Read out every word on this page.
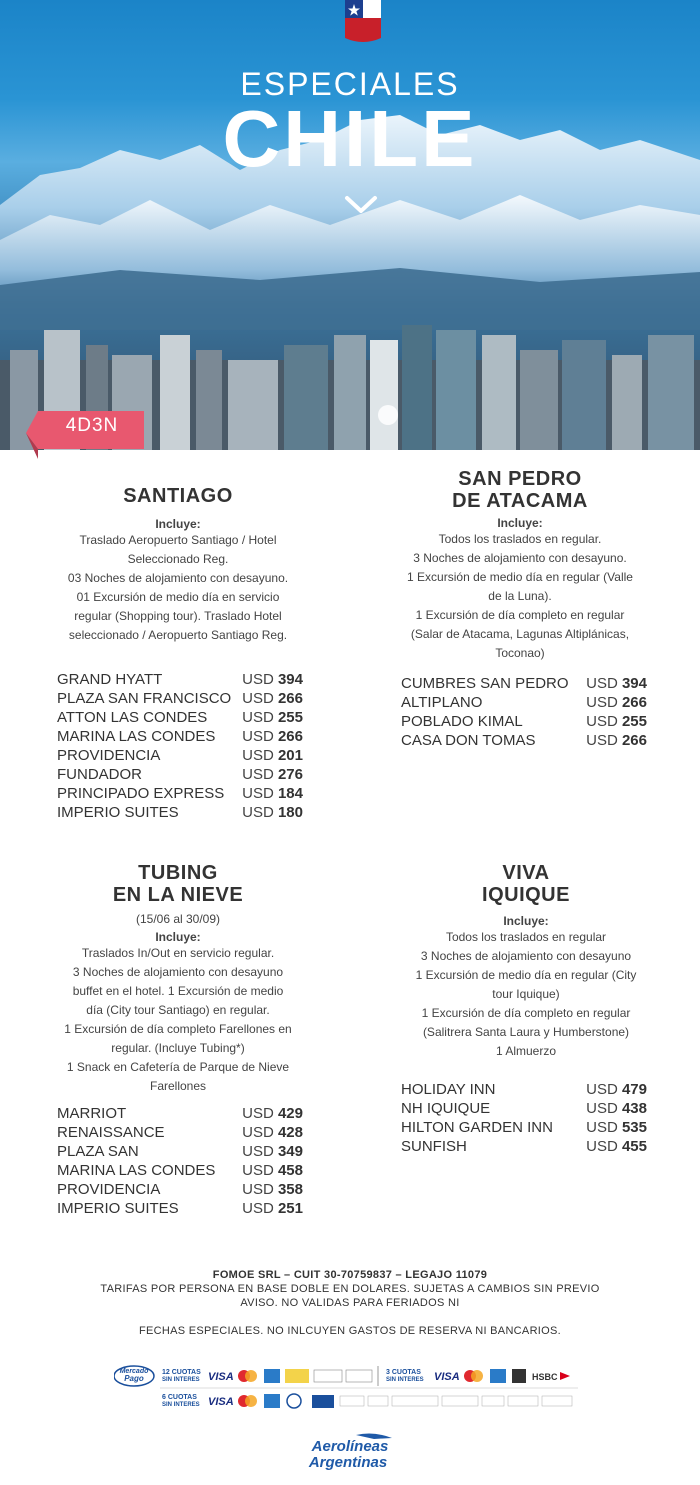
ESPECIALES
CHILE
4D3N
SANTIAGO
Incluye:
Traslado Aeropuerto Santiago / Hotel
Seleccionado Reg.
03 Noches de alojamiento con desayuno.
01 Excursión de medio día en servicio
regular (Shopping tour). Traslado Hotel
seleccionado / Aeropuerto Santiago Reg.
GRAND HYATT	USD 394
PLAZA SAN FRANCISCO USD 266
ATTON LAS CONDES USD 255
MARINA LAS CONDES USD 266
PROVIDENCIA	USD 201
FUNDADOR	USD 276
PRINCIPADO EXPRESS USD 184
IMPERIO SUITES	USD 180
SAN PEDRO
DE ATACAMA
Incluye:
Todos los traslados en regular.
3 Noches de alojamiento con desayuno.
1 Excursión de medio día en regular (Valle
de la Luna).
1 Excursión de día completo en regular
(Salar de Atacama, Lagunas Altiplánicas,
Toconao)
CUMBRES SAN PEDRO USD 394
ALTIPLANO	USD 266
POBLADO KIMAL	USD 255
CASA DON TOMAS	USD 266
TUBING
EN LA NIEVE
(15/06 al 30/09)
Incluye:
Traslados In/Out en servicio regular.
3 Noches de alojamiento con desayuno
buffet en el hotel. 1 Excursión de medio
día (City tour Santiago) en regular.
1 Excursión de día completo Farellones en
regular. (Incluye Tubing*)
1 Snack en Cafetería de Parque de Nieve
Farellones
MARRIOT	USD 429
RENAISSANCE	USD 428
PLAZA SAN	USD 349
MARINA LAS CONDES USD 458
PROVIDENCIA	USD 358
IMPERIO SUITES	USD 251
VIVA
IQUIQUE
Incluye:
Todos los traslados en regular
3 Noches de alojamiento con desayuno
1 Excursión de medio día en regular (City
tour Iquique)
1 Excursión de día completo en regular
(Salitrera Santa Laura y Humberstone)
1 Almuerzo
HOLIDAY INN	USD 479
NH IQUIQUE	USD 438
HILTON GARDEN INN USD 535
SUNFISH	USD 455
FOMOE SRL – CUIT 30-70759837 – LEGAJO 11079
TARIFAS POR PERSONA EN BASE DOBLE EN DOLARES. SUJETAS A CAMBIOS SIN PREVIO
AVISO. NO VALIDAS PARA FERIADOS NI
FECHAS ESPECIALES. NO INLCUYEN GASTOS DE RESERVA NI BANCARIOS.
Mercado
Pago
12 CUOTAS
SIN INTERES VISA	3 CUOTAS
SIN INTERES VISA	HSBC
6 CUOTAS
SIN INTERES VISA
Aerolíneas
Argentinas
